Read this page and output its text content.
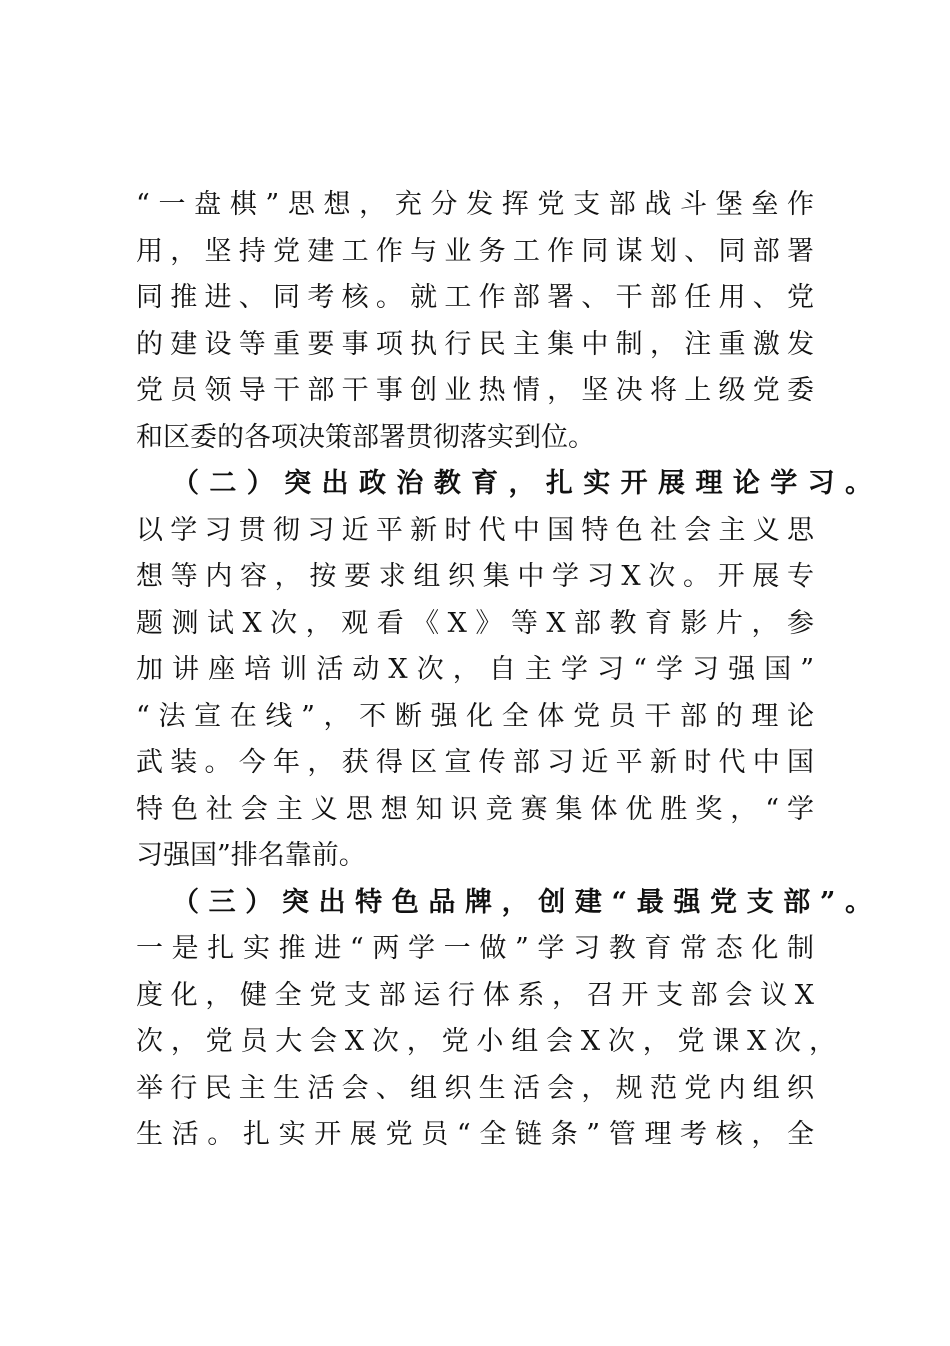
“一盘棋”思想，充分发挥党支部战斗堡垒作
用，坚持党建工作与业务工作同谋划、同部署
同推进、同考核。就工作部署、干部任用、党
的建设等重要事项执行民主集中制，注重激发
党员领导干部干事创业热情，坚决将上级党委
和区委的各项决策部署贯彻落实到位。
（二）突出政治教育，扎实开展理论学习。
以学习贯彻习近平新时代中国特色社会主义思
想等内容，按要求组织集中学习X次。开展专
题测试X次，观看《X》等X部教育影片，参
加讲座培训活动X次，自主学习“学习强国”
“法宣在线”，不断强化全体党员干部的理论
武装。今年，获得区宣传部习近平新时代中国
特色社会主义思想知识竞赛集体优胜奖，“学
习强国”排名靠前。
（三）突出特色品牌，创建“最强党支部”。
一是扎实推进“两学一做”学习教育常态化制
度化，健全党支部运行体系，召开支部会议X
次，党员大会X次，党小组会X次，党课X次，
举行民主生活会、组织生活会，规范党内组织
生活。扎实开展党员“全链条”管理考核，全
